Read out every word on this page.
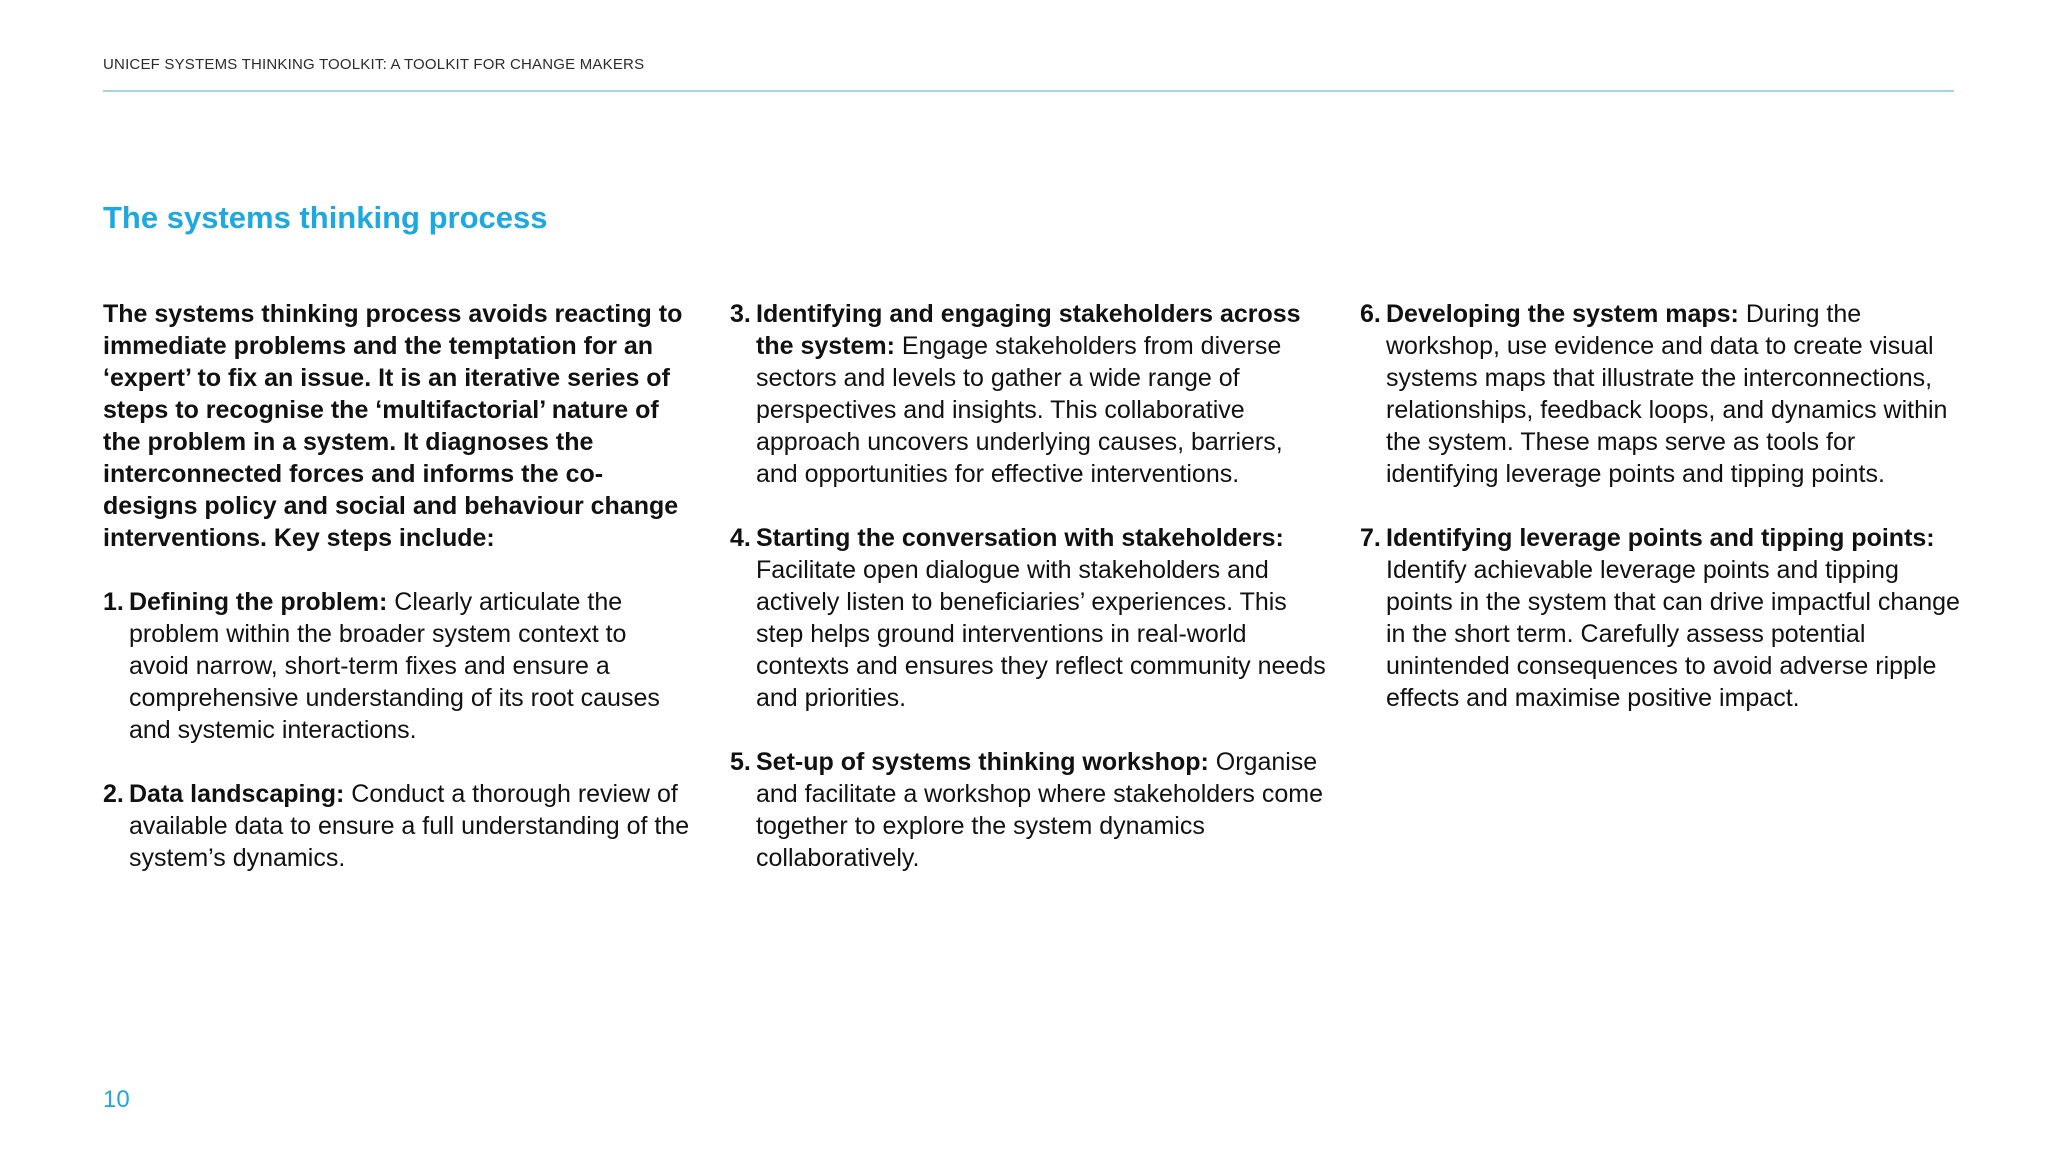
UNICEF SYSTEMS THINKING TOOLKIT: A TOOLKIT FOR CHANGE MAKERS
The systems thinking process

The systems thinking process avoids reacting to immediate problems and the temptation for an ‘expert’ to fix an issue. It is an iterative series of steps to recognise the ‘multifactorial’ nature of the problem in a system. It diagnoses the interconnected forces and informs the co-designs policy and social and behaviour change interventions. Key steps include:

1. Defining the problem: Clearly articulate the problem within the broader system context to avoid narrow, short-term fixes and ensure a comprehensive understanding of its root causes and systemic interactions.
2. Data landscaping: Conduct a thorough review of available data to ensure a full understanding of the system’s dynamics.
3. Identifying and engaging stakeholders across the system: Engage stakeholders from diverse sectors and levels to gather a wide range of perspectives and insights. This collaborative approach uncovers underlying causes, barriers, and opportunities for effective interventions.
4. Starting the conversation with stakeholders: Facilitate open dialogue with stakeholders and actively listen to beneficiaries’ experiences. This step helps ground interventions in real-world contexts and ensures they reflect community needs and priorities.
5. Set-up of systems thinking workshop: Organise and facilitate a workshop where stakeholders come together to explore the system dynamics collaboratively.
6. Developing the system maps: During the workshop, use evidence and data to create visual systems maps that illustrate the interconnections, relationships, feedback loops, and dynamics within the system. These maps serve as tools for identifying leverage points and tipping points.
7. Identifying leverage points and tipping points: Identify achievable leverage points and tipping points in the system that can drive impactful change in the short term. Carefully assess potential unintended consequences to avoid adverse ripple effects and maximise positive impact.
10
